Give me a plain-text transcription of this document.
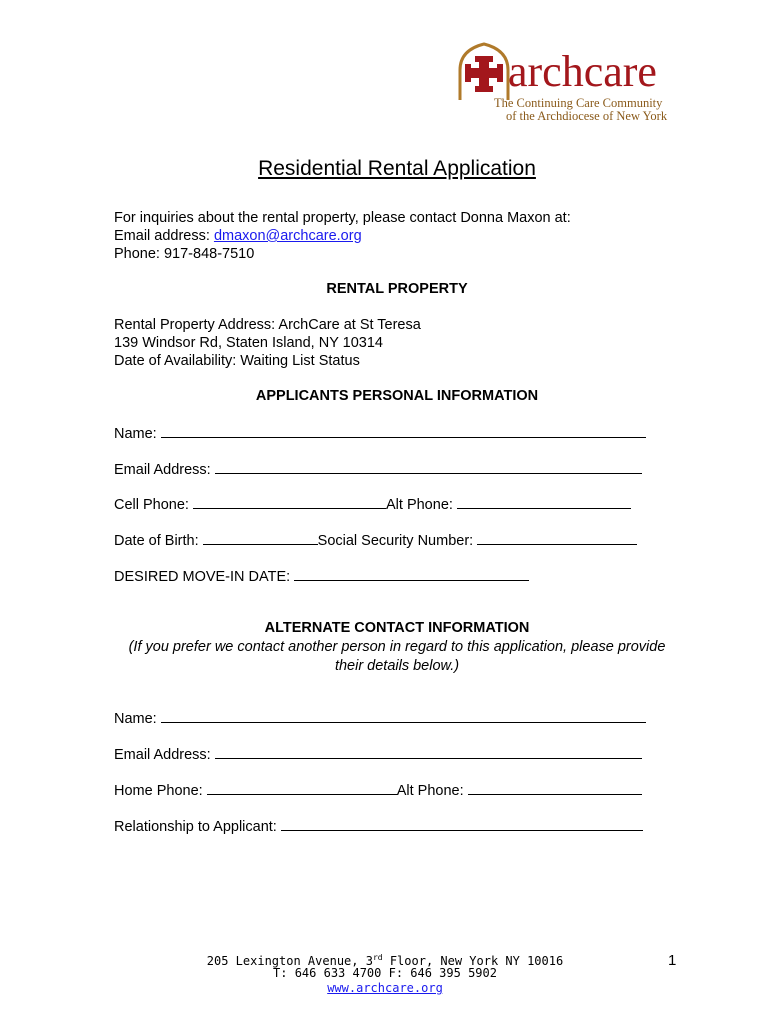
archcare
The Continuing Care Community
of the Archdiocese of New York
Residential Rental Application
For inquiries about the rental property, please contact Donna Maxon at:
Email address: dmaxon@archcare.org
Phone: 917-848-7510
RENTAL PROPERTY
Rental Property Address: ArchCare at St Teresa
139 Windsor Rd, Staten Island, NY 10314
Date of Availability: Waiting List Status
APPLICANTS PERSONAL INFORMATION
Name:
Email Address:
Cell Phone:	Alt Phone:
Date of Birth:	Social Security Number:
DESIRED MOVE-IN DATE:
ALTERNATE CONTACT INFORMATION
(If you prefer we contact another person in regard to this application, please provide
their details below.)
Name:
Email Address:
Home Phone:	Alt Phone:
Relationship to Applicant:
205 Lexington Avenue, 3rd Floor, New York NY 10016
T: 646 633 4700 F: 646 395 5902
www.archcare.org
1
